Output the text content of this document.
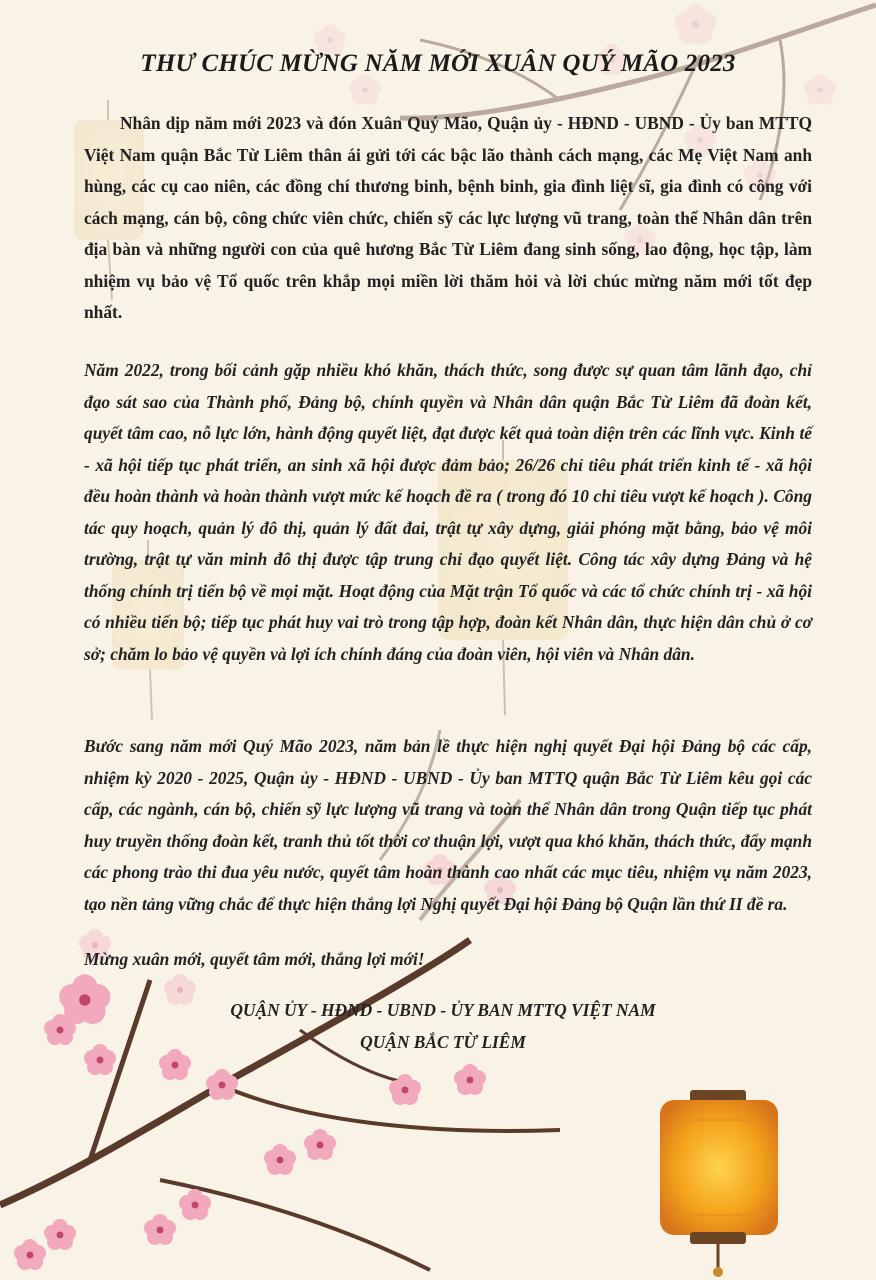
THƯ CHÚC MỪNG NĂM MỚI XUÂN QUÝ MÃO 2023

Nhân dịp năm mới 2023 và đón Xuân Quý Mão, Quận ủy - HĐND - UBND - Ủy ban MTTQ Việt Nam quận Bắc Từ Liêm thân ái gửi tới các bậc lão thành cách mạng, các Mẹ Việt Nam anh hùng, các cụ cao niên, các đồng chí thương binh, bệnh binh, gia đình liệt sĩ, gia đình có công với cách mạng, cán bộ, công chức viên chức, chiến sỹ các lực lượng vũ trang, toàn thể Nhân dân trên địa bàn và những người con của quê hương Bắc Từ Liêm đang sinh sống, lao động, học tập, làm nhiệm vụ bảo vệ Tổ quốc trên khắp mọi miền lời thăm hỏi và lời chúc mừng năm mới tốt đẹp nhất.

Năm 2022, trong bối cảnh gặp nhiều khó khăn, thách thức, song được sự quan tâm lãnh đạo, chỉ đạo sát sao của Thành phố, Đảng bộ, chính quyền và Nhân dân quận Bắc Từ Liêm đã đoàn kết, quyết tâm cao, nỗ lực lớn, hành động quyết liệt, đạt được kết quả toàn diện trên các lĩnh vực. Kinh tế - xã hội tiếp tục phát triển, an sinh xã hội được đảm bảo; 26/26 chỉ tiêu phát triển kinh tế - xã hội đều hoàn thành và hoàn thành vượt mức kế hoạch đề ra ( trong đó 10 chỉ tiêu vượt kế hoạch ). Công tác quy hoạch, quản lý đô thị, quản lý đất đai, trật tự xây dựng, giải phóng mặt bằng, bảo vệ môi trường, trật tự văn minh đô thị được tập trung chỉ đạo quyết liệt. Công tác xây dựng Đảng và hệ thống chính trị tiến bộ về mọi mặt. Hoạt động của Mặt trận Tổ quốc và các tổ chức chính trị - xã hội có nhiều tiến bộ; tiếp tục phát huy vai trò trong tập hợp, đoàn kết Nhân dân, thực hiện dân chủ ở cơ sở; chăm lo bảo vệ quyền và lợi ích chính đáng của đoàn viên, hội viên và Nhân dân.

Bước sang năm mới Quý Mão 2023, năm bản lề thực hiện nghị quyết Đại hội Đảng bộ các cấp, nhiệm kỳ 2020 - 2025, Quận ủy - HĐND - UBND - Ủy ban MTTQ quận Bắc Từ Liêm kêu gọi các cấp, các ngành, cán bộ, chiến sỹ lực lượng vũ trang và toàn thể Nhân dân trong Quận tiếp tục phát huy truyền thống đoàn kết, tranh thủ tốt thời cơ thuận lợi, vượt qua khó khăn, thách thức, đẩy mạnh các phong trào thi đua yêu nước, quyết tâm hoàn thành cao nhất các mục tiêu, nhiệm vụ năm 2023, tạo nền tảng vững chắc để thực hiện thắng lợi Nghị quyết Đại hội Đảng bộ Quận lần thứ II đề ra.

Mừng xuân mới, quyết tâm mới, thắng lợi mới!

QUẬN ỦY - HĐND - UBND - ỦY BAN MTTQ VIỆT NAM
QUẬN BẮC TỪ LIÊM
